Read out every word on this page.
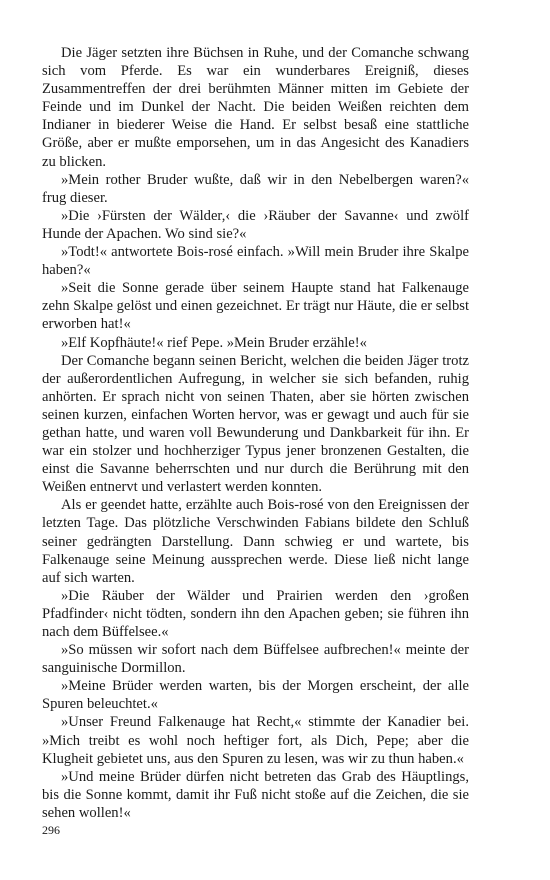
Die Jäger setzten ihre Büchsen in Ruhe, und der Comanche schwang sich vom Pferde. Es war ein wunderbares Ereigniß, dieses Zusammentreffen der drei berühmten Männer mitten im Gebiete der Feinde und im Dunkel der Nacht. Die beiden Weißen reichten dem Indianer in biederer Weise die Hand. Er selbst besaß eine stattliche Größe, aber er mußte emporsehen, um in das Angesicht des Kanadiers zu blicken.

»Mein rother Bruder wußte, daß wir in den Nebelbergen waren?« frug dieser.

»Die ›Fürsten der Wälder,‹ die ›Räuber der Savanne‹ und zwölf Hunde der Apachen. Wo sind sie?«

»Todt!« antwortete Bois-rosé einfach. »Will mein Bruder ihre Skalpe haben?«

»Seit die Sonne gerade über seinem Haupte stand hat Falkenauge zehn Skalpe gelöst und einen gezeichnet. Er trägt nur Häute, die er selbst erworben hat!«

»Elf Kopfhäute!« rief Pepe. »Mein Bruder erzähle!«

Der Comanche begann seinen Bericht, welchen die beiden Jäger trotz der außerordentlichen Aufregung, in welcher sie sich befanden, ruhig anhörten. Er sprach nicht von seinen Thaten, aber sie hörten zwischen seinen kurzen, einfachen Worten hervor, was er gewagt und auch für sie gethan hatte, und waren voll Bewunderung und Dankbarkeit für ihn. Er war ein stolzer und hochherziger Typus jener bronzenen Gestalten, die einst die Savanne beherrschten und nur durch die Berührung mit den Weißen entnervt und verlastert werden konnten.

Als er geendet hatte, erzählte auch Bois-rosé von den Ereignissen der letzten Tage. Das plötzliche Verschwinden Fabians bildete den Schluß seiner gedrängten Darstellung. Dann schwieg er und wartete, bis Falkenauge seine Meinung aussprechen werde. Diese ließ nicht lange auf sich warten.

»Die Räuber der Wälder und Prairien werden den ›großen Pfadfinder‹ nicht tödten, sondern ihn den Apachen geben; sie führen ihn nach dem Büffelsee.«

»So müssen wir sofort nach dem Büffelsee aufbrechen!« meinte der sanguinische Dormillon.

»Meine Brüder werden warten, bis der Morgen erscheint, der alle Spuren beleuchtet.«

»Unser Freund Falkenauge hat Recht,« stimmte der Kanadier bei. »Mich treibt es wohl noch heftiger fort, als Dich, Pepe; aber die Klugheit gebietet uns, aus den Spuren zu lesen, was wir zu thun haben.«

»Und meine Brüder dürfen nicht betreten das Grab des Häuptlings, bis die Sonne kommt, damit ihr Fuß nicht stoße auf die Zeichen, die sie sehen wollen!«

296
